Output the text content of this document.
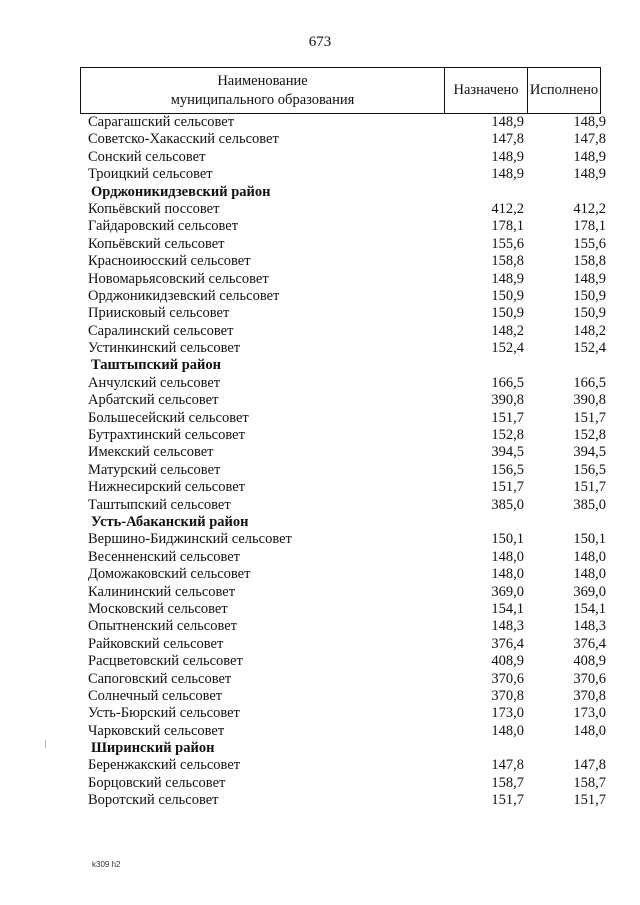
673
Наименование
муниципального образования
Назначено Исполнено
Сарагашский сельсовет	148,9	148,9
Советско-Хакасский сельсовет	147,8	147,8
Сонский сельсовет	148,9	148,9
Троицкий сельсовет	148,9	148,9
Орджоникидзевский район
Копьёвский поссовет	412,2	412,2
Гайдаровский сельсовет	178,1	178,1
Копьёвский сельсовет	155,6	155,6
Красноиюсский сельсовет	158,8	158,8
Новомарьясовский сельсовет	148,9	148,9
Орджоникидзевский сельсовет	150,9	150,9
Приисковый сельсовет	150,9	150,9
Саралинский сельсовет	148,2	148,2
Устинкинский сельсовет	152,4	152,4
Таштыпский район
Анчулский сельсовет	166,5	166,5
Арбатский сельсовет	390,8	390,8
Большесейский сельсовет	151,7	151,7
Бутрахтинский сельсовет	152,8	152,8
Имекский сельсовет	394,5	394,5
Матурский сельсовет	156,5	156,5
Нижнесирский сельсовет	151,7	151,7
Таштыпский сельсовет	385,0	385,0
Усть-Абаканский район
Вершино-Биджинский сельсовет	150,1	150,1
Весенненский сельсовет	148,0	148,0
Доможаковский сельсовет	148,0	148,0
Калининский сельсовет	369,0	369,0
Московский сельсовет	154,1	154,1
Опытненский сельсовет	148,3	148,3
Райковский сельсовет	376,4	376,4
Расцветовский сельсовет	408,9	408,9
Сапоговский сельсовет	370,6	370,6
Солнечный сельсовет	370,8	370,8
Усть-Бюрский сельсовет	173,0	173,0
Чарковский сельсовет	148,0	148,0
Ширинский район
Беренжакский сельсовет	147,8	147,8
Борцовский сельсовет	158,7	158,7
Воротский сельсовет	151,7	151,7
k309 h2
